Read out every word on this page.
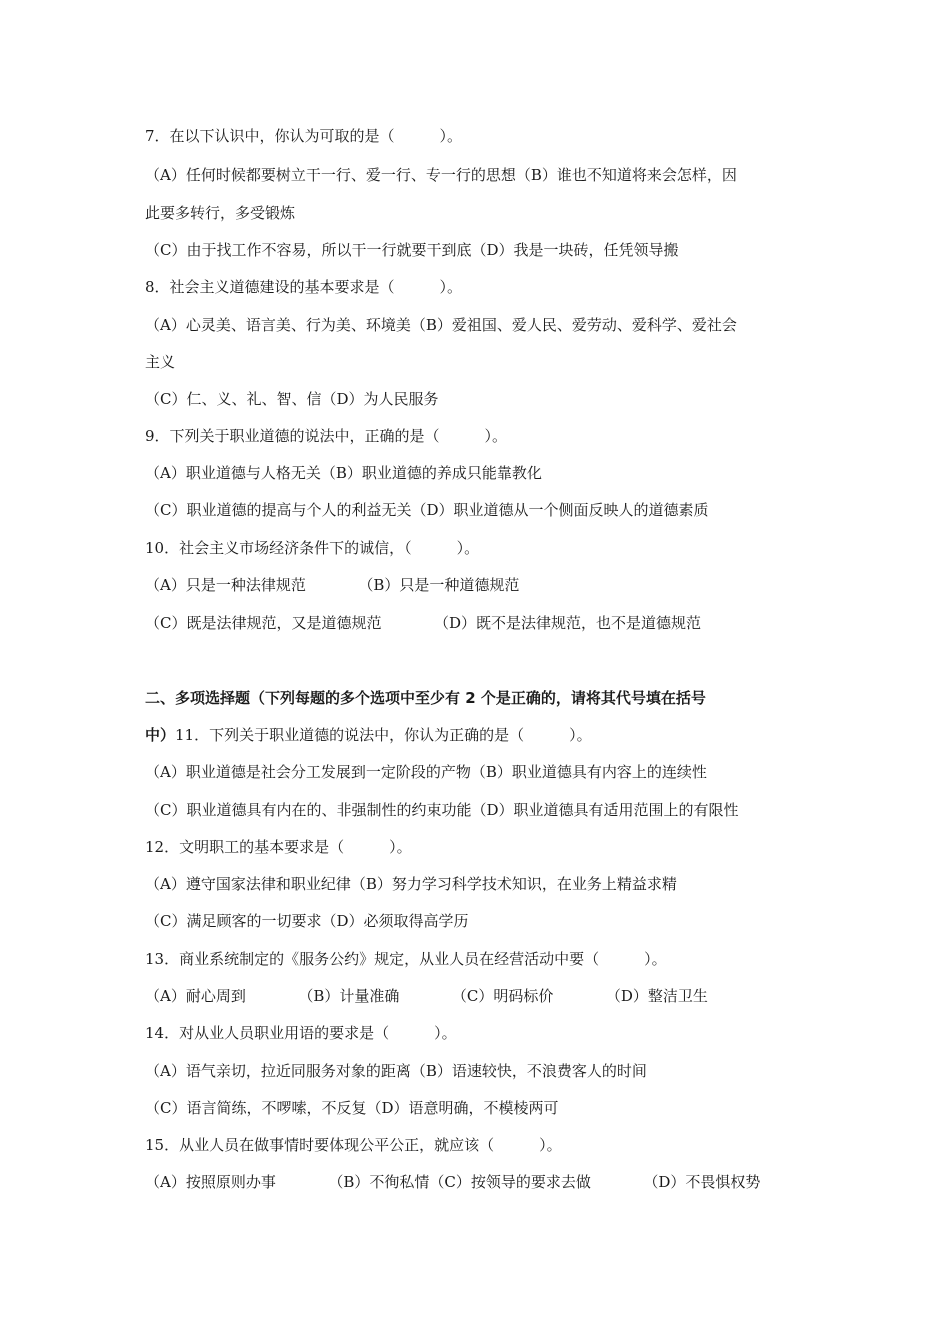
7．在以下认识中，你认为可取的是（　　　）。
（A）任何时候都要树立干一行、爱一行、专一行的思想（B）谁也不知道将来会怎样，因
此要多转行，多受锻炼
（C）由于找工作不容易，所以干一行就要干到底（D）我是一块砖，任凭领导搬
8．社会主义道德建设的基本要求是（　　　）。
（A）心灵美、语言美、行为美、环境美（B）爱祖国、爱人民、爱劳动、爱科学、爱社会
主义
（C）仁、义、礼、智、信（D）为人民服务
9．下列关于职业道德的说法中，正确的是（　　　）。
（A）职业道德与人格无关（B）职业道德的养成只能靠教化
（C）职业道德的提高与个人的利益无关（D）职业道德从一个侧面反映人的道德素质
10．社会主义市场经济条件下的诚信，（　　　）。
（A）只是一种法律规范　　　　（B）只是一种道德规范
（C）既是法律规范，又是道德规范　　　　（D）既不是法律规范，也不是道德规范
二、多项选择题（下列每题的多个选项中至少有 2 个是正确的，请将其代号填在括号
中）11．下列关于职业道德的说法中，你认为正确的是（　　　）。
（A）职业道德是社会分工发展到一定阶段的产物（B）职业道德具有内容上的连续性
（C）职业道德具有内在的、非强制性的约束功能（D）职业道德具有适用范围上的有限性
12．文明职工的基本要求是（　　　）。
（A）遵守国家法律和职业纪律（B）努力学习科学技术知识，在业务上精益求精
（C）满足顾客的一切要求（D）必须取得高学历
13．商业系统制定的《服务公约》规定，从业人员在经营活动中要（　　　）。
（A）耐心周到　　　　（B）计量准确　　　　（C）明码标价　　　　（D）整洁卫生
14．对从业人员职业用语的要求是（　　　）。
（A）语气亲切，拉近同服务对象的距离（B）语速较快，不浪费客人的时间
（C）语言简练，不啰嗦，不反复（D）语意明确，不模棱两可
15．从业人员在做事情时要体现公平公正，就应该（　　　）。
（A）按照原则办事　　　　（B）不徇私情（C）按领导的要求去做　　　　（D）不畏惧权势
